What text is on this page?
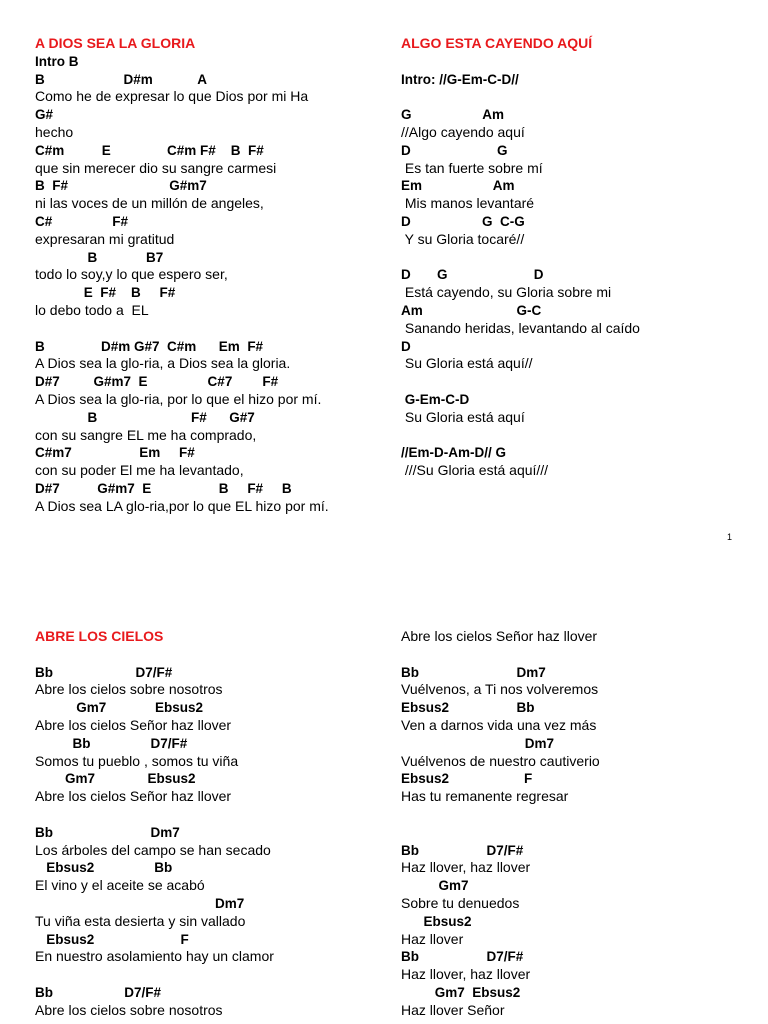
A DIOS SEA LA GLORIA
Intro B
B                     D#m            A
Como he de expresar lo que Dios por mi Ha
G#
hecho
C#m          E               C#m F#    B  F#
que sin merecer dio su sangre carmesi
B  F#                           G#m7
ni las voces de un millón de angeles,
C#                F#
expresaran mi gratitud
B             B7
todo lo soy,y lo que espero ser,
E  F#    B     F#
lo debo todo a  EL
B               D#m G#7  C#m      Em  F#
A Dios sea la glo-ria, a Dios sea la gloria.
D#7         G#m7  E                C#7        F#
A Dios sea la glo-ria, por lo que el hizo por mí.
B                         F#      G#7
con su sangre EL me ha comprado,
C#m7                  Em     F#
con su poder El me ha levantado,
D#7          G#m7  E                  B     F#     B
A Dios sea LA glo-ria,por lo que EL hizo por mí.
ALGO ESTA CAYENDO AQUÍ
Intro: //G-Em-C-D//
G                   Am
//Algo cayendo aquí
D                       G
Es tan fuerte sobre mí
Em                   Am
Mis manos levantaré
D                   G  C-G
Y su Gloria tocaré//
D       G                       D
Está cayendo, su Gloria sobre mi
Am                         G-C
Sanando heridas, levantando al caído
D
Su Gloria está aquí//
G-Em-C-D
Su Gloria está aquí
//Em-D-Am-D// G
///Su Gloria está aquí///
1
ABRE LOS CIELOS
Bb                      D7/F#
Abre los cielos sobre nosotros
Gm7             Ebsus2
Abre los cielos Señor haz llover
Bb                D7/F#
Somos tu pueblo , somos tu viña
Gm7              Ebsus2
Abre los cielos Señor haz llover
Bb                          Dm7
Los árboles del campo se han secado
Ebsus2                Bb
El vino y el aceite se acabó
Dm7
Tu viña esta desierta y sin vallado
Ebsus2                       F
En nuestro asolamiento hay un clamor
Bb                   D7/F#
Abre los cielos sobre nosotros
Abre los cielos Señor haz llover
Bb                          Dm7
Vuélvenos, a Ti nos volveremos
Ebsus2                  Bb
Ven a darnos vida una vez más
Dm7
Vuélvenos de nuestro cautiverio
Ebsus2                    F
Has tu remanente regresar
Bb                  D7/F#
Haz llover, haz llover
Gm7
Sobre tu denuedos
Ebsus2
Haz llover
Bb                  D7/F#
Haz llover, haz llover
Gm7  Ebsus2
Haz llover Señor
